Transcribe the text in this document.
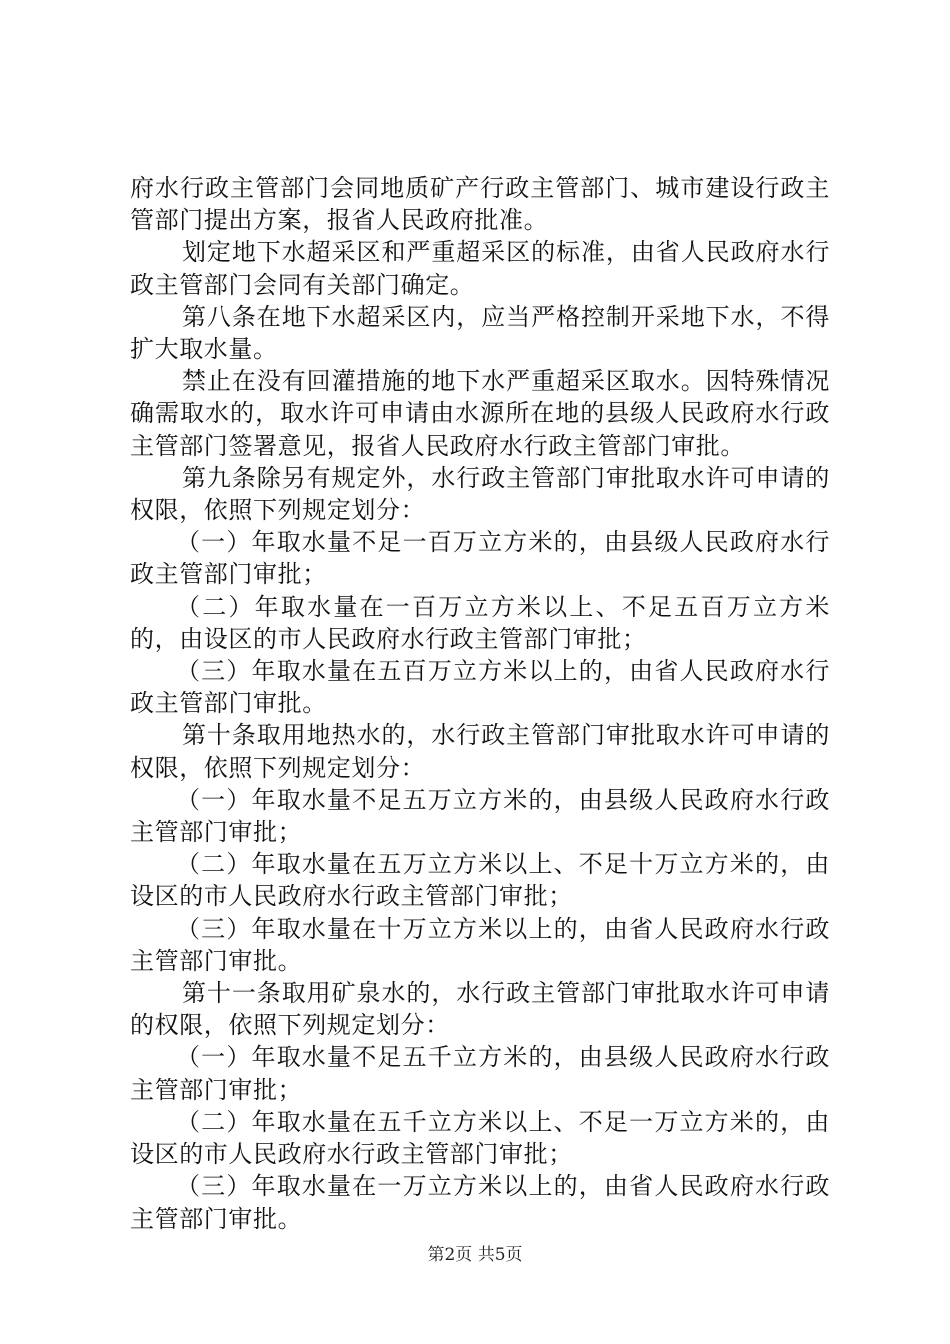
府水行政主管部门会同地质矿产行政主管部门、城市建设行政主管部门提出方案，报省人民政府批准。

划定地下水超采区和严重超采区的标准，由省人民政府水行政主管部门会同有关部门确定。

第八条在地下水超采区内，应当严格控制开采地下水，不得扩大取水量。

禁止在没有回灌措施的地下水严重超采区取水。因特殊情况确需取水的，取水许可申请由水源所在地的县级人民政府水行政主管部门签署意见，报省人民政府水行政主管部门审批。

第九条除另有规定外，水行政主管部门审批取水许可申请的权限，依照下列规定划分：

（一）年取水量不足一百万立方米的，由县级人民政府水行政主管部门审批；

（二）年取水量在一百万立方米以上、不足五百万立方米的，由设区的市人民政府水行政主管部门审批；

（三）年取水量在五百万立方米以上的，由省人民政府水行政主管部门审批。

第十条取用地热水的，水行政主管部门审批取水许可申请的权限，依照下列规定划分：

（一）年取水量不足五万立方米的，由县级人民政府水行政主管部门审批；

（二）年取水量在五万立方米以上、不足十万立方米的，由设区的市人民政府水行政主管部门审批；

（三）年取水量在十万立方米以上的，由省人民政府水行政主管部门审批。

第十一条取用矿泉水的，水行政主管部门审批取水许可申请的权限，依照下列规定划分：

（一）年取水量不足五千立方米的，由县级人民政府水行政主管部门审批；

（二）年取水量在五千立方米以上、不足一万立方米的，由设区的市人民政府水行政主管部门审批；

（三）年取水量在一万立方米以上的，由省人民政府水行政主管部门审批。

第2页 共5页
